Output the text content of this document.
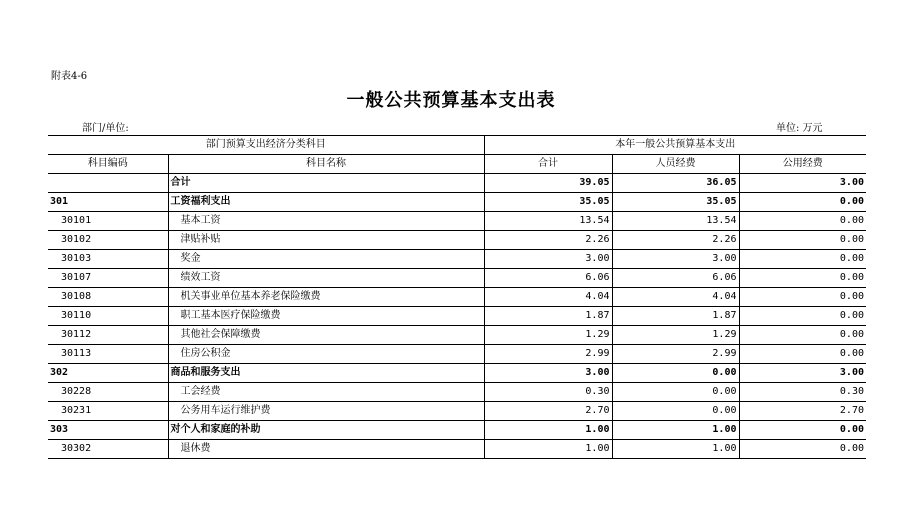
附表4-6
一般公共预算基本支出表
部门/单位:	单位: 万元
部门预算支出经济分类科目		本年一般公共预算基本支出		
科目编码	科目名称	合计	人员经费	公用经费
	合计	39.05	36.05	3.00
301	工资福利支出	35.05	35.05	0.00
30101	基本工资	13.54	13.54	0.00
30102	津贴补贴	2.26	2.26	0.00
30103	奖金	3.00	3.00	0.00
30107	绩效工资	6.06	6.06	0.00
30108	机关事业单位基本养老保险缴费	4.04	4.04	0.00
30110	职工基本医疗保险缴费	1.87	1.87	0.00
30112	其他社会保障缴费	1.29	1.29	0.00
30113	住房公积金	2.99	2.99	0.00
302	商品和服务支出	3.00	0.00	3.00
30228	工会经费	0.30	0.00	0.30
30231	公务用车运行维护费	2.70	0.00	2.70
303	对个人和家庭的补助	1.00	1.00	0.00
30302	退休费	1.00	1.00	0.00
